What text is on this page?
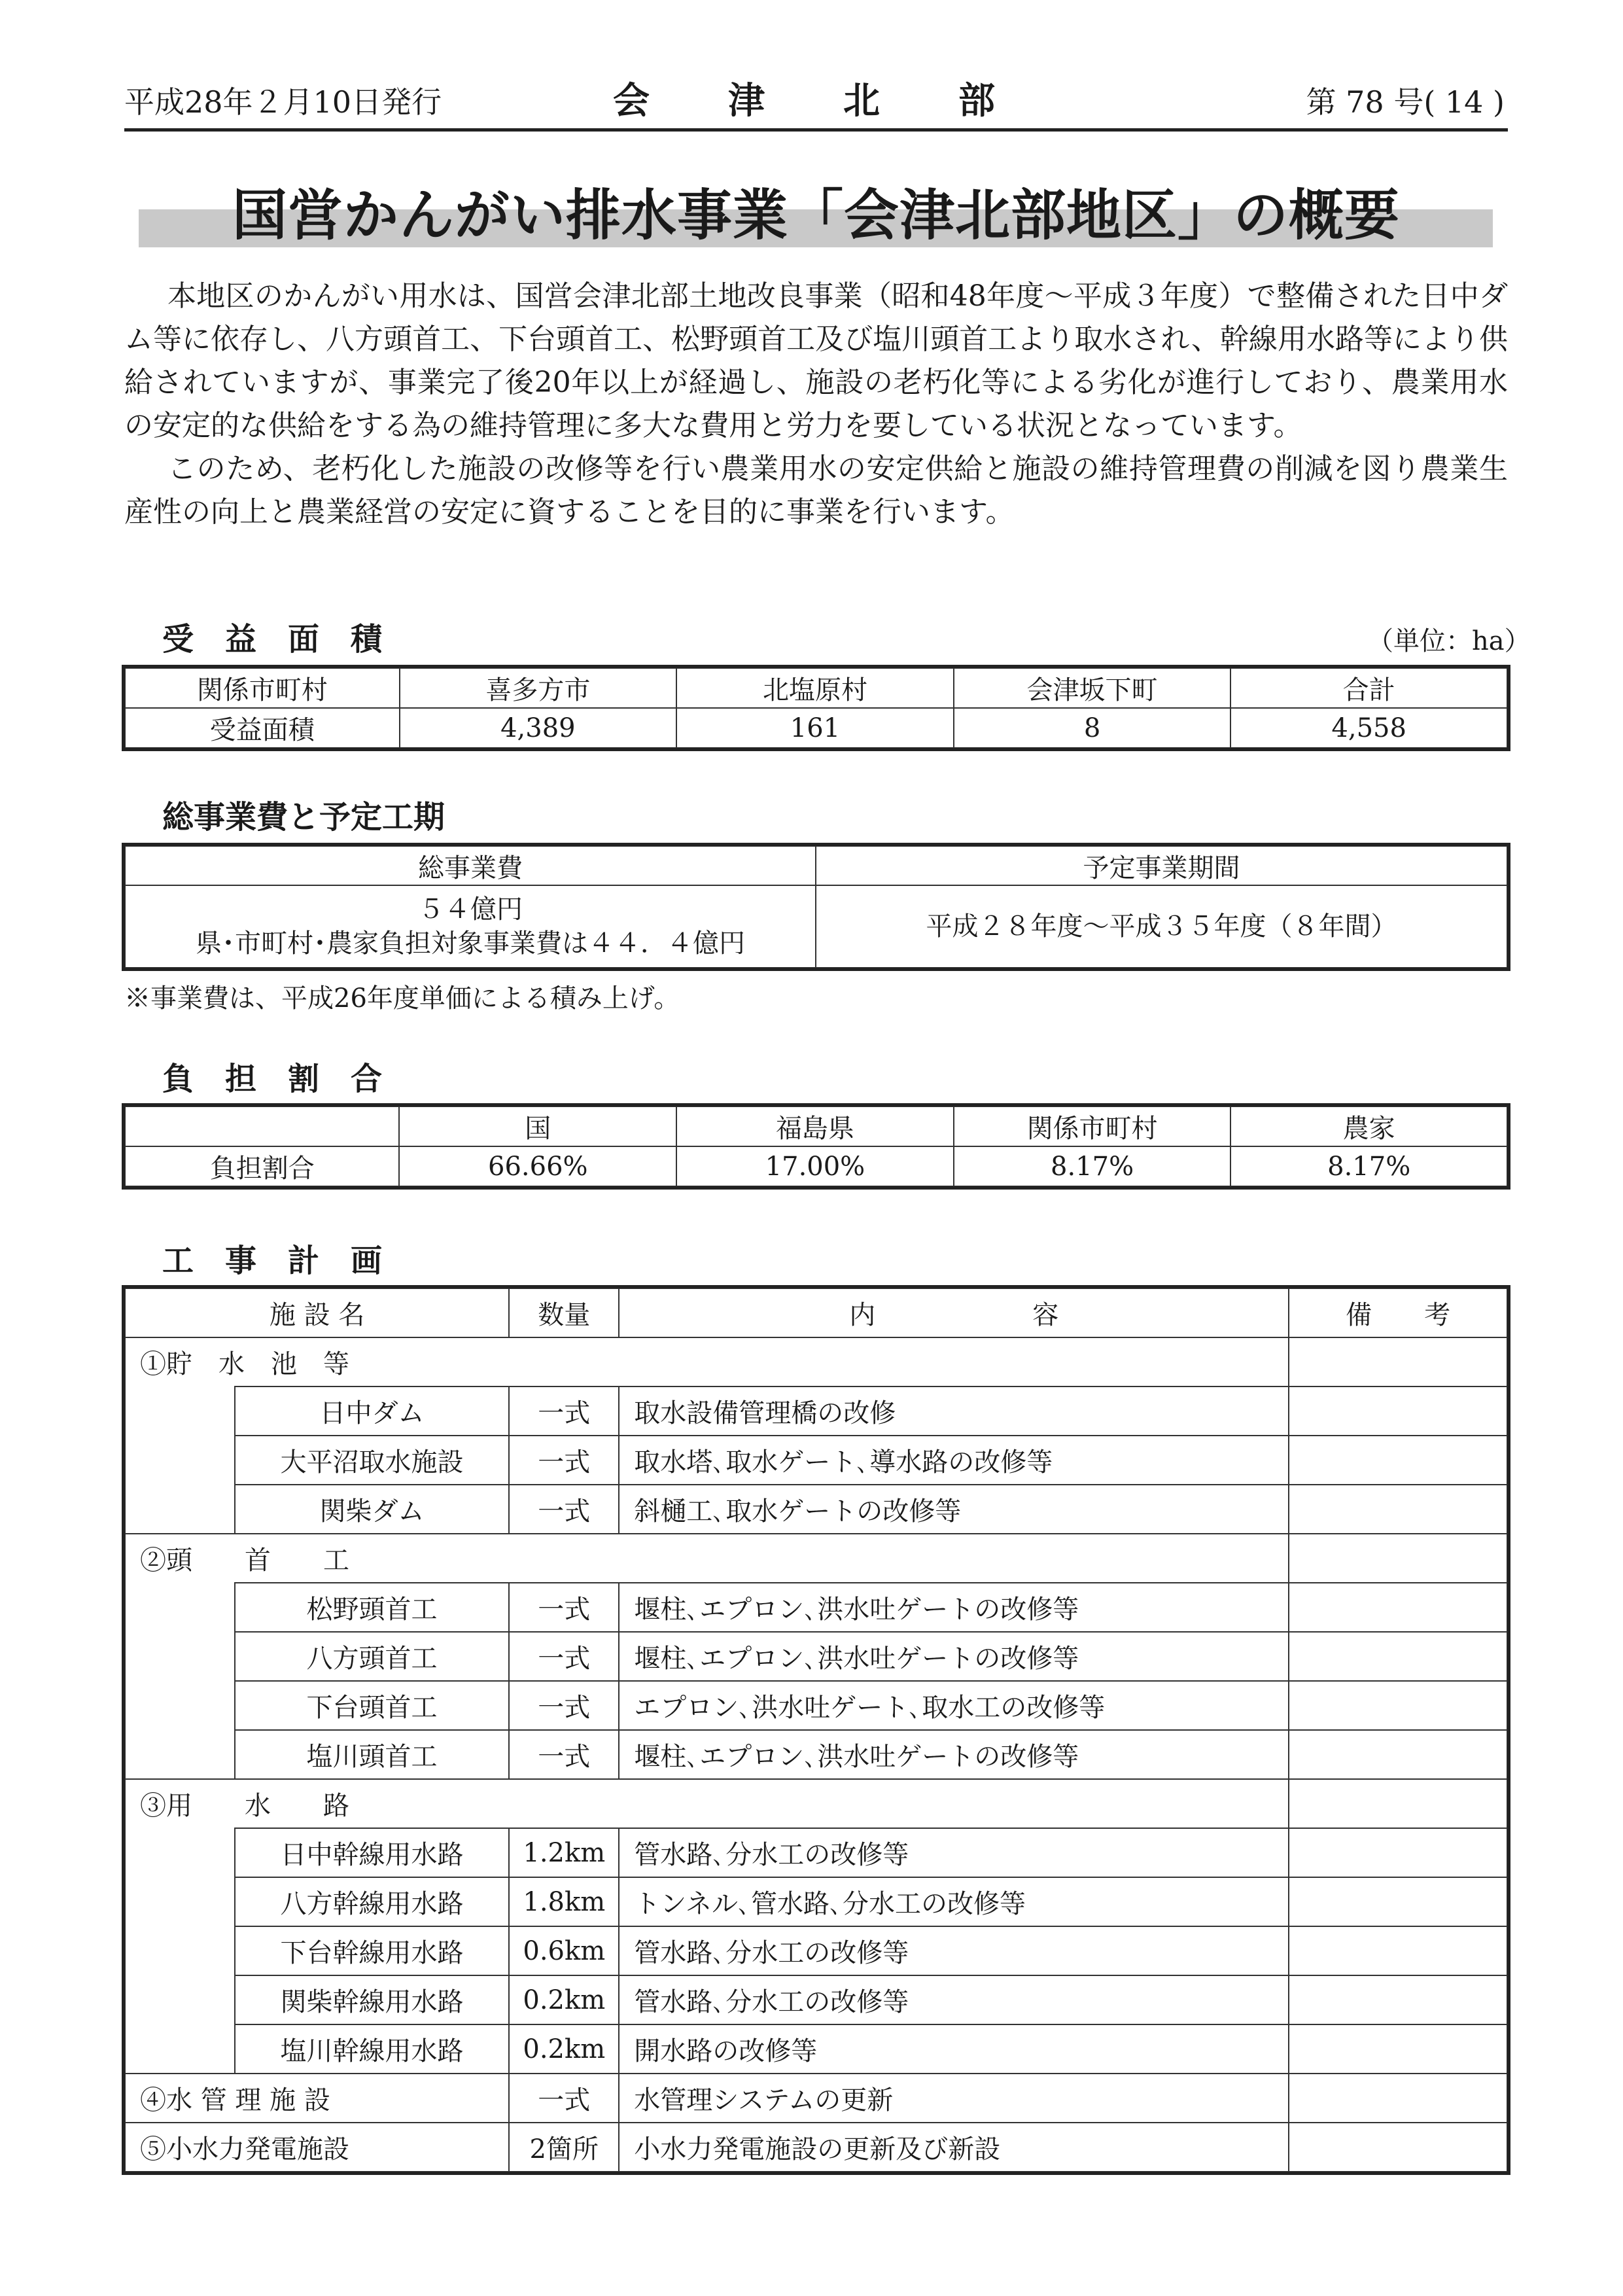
平成28年２月10日発行	会　津　北　部	第 78 号( 14 )
国営かんがい排水事業「会津北部地区」の概要

本地区のかんがい用水は、国営会津北部土地改良事業（昭和48年度～平成３年度）で整備された日中ダム等に依存し、八方頭首工、下台頭首工、松野頭首工及び塩川頭首工より取水され、幹線用水路等により供給されていますが、事業完了後20年以上が経過し、施設の老朽化等による劣化が進行しており、農業用水の安定的な供給をする為の維持管理に多大な費用と労力を要している状況となっています。

このため、老朽化した施設の改修等を行い農業用水の安定供給と施設の維持管理費の削減を図り農業生産性の向上と農業経営の安定に資することを目的に事業を行います。

受　益　面　積	（単位：ha）
関係市町村	喜多方市	北塩原村	会津坂下町	合計
受益面積	4,389	161	8	4,558
総事業費と予定工期
総事業費	予定事業期間

５４億円
県･市町村･農家負担対象事業費は４４．４億円	平成２８年度～平成３５年度（８年間）
※事業費は、平成26年度単価による積み上げ。
負　担　割　合
	国	福島県	関係市町村	農家
負担割合	66.66%	17.00%	8.17%	8.17%
工　事　計　画
施 設 名		数量	内　　　　　　容	備　　考
①貯　水　池　等				
	日中ダム	一式	取水設備管理橋の改修	
	大平沼取水施設	一式	取水塔､取水ゲート､導水路の改修等	
	関柴ダム	一式	斜樋工､取水ゲートの改修等	
②頭　　首　　工				
	松野頭首工	一式	堰柱､エプロン､洪水吐ゲートの改修等	
	八方頭首工	一式	堰柱､エプロン､洪水吐ゲートの改修等	
	下台頭首工	一式	エプロン､洪水吐ゲート､取水工の改修等	
	塩川頭首工	一式	堰柱､エプロン､洪水吐ゲートの改修等	
③用　　水　　路				
	日中幹線用水路	1.2km	管水路､分水工の改修等	
	八方幹線用水路	1.8km	トンネル､管水路､分水工の改修等	
	下台幹線用水路	0.6km	管水路､分水工の改修等	
	関柴幹線用水路	0.2km	管水路､分水工の改修等	
	塩川幹線用水路	0.2km	開水路の改修等	
④水 管 理 施 設		一式	水管理システムの更新	
⑤小水力発電施設		2箇所	小水力発電施設の更新及び新設	
